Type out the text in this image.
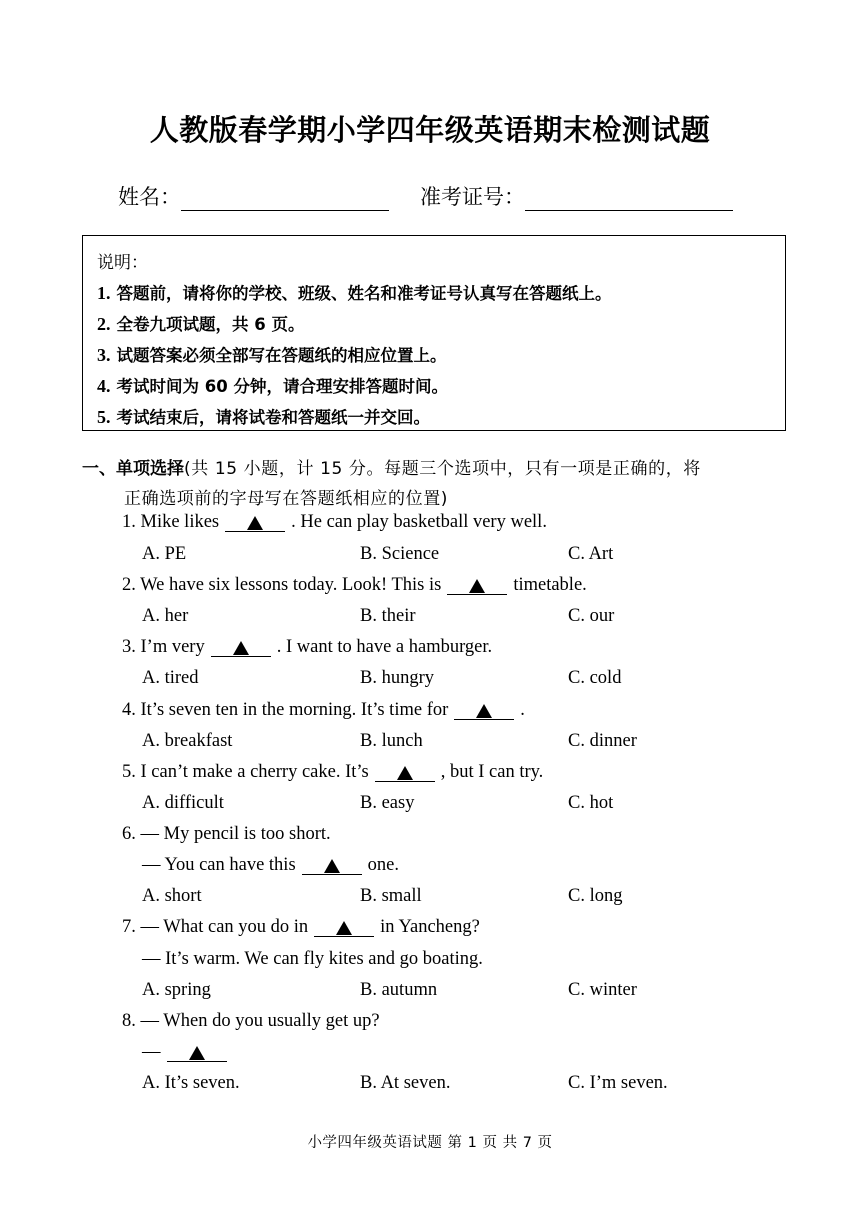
人教版春学期小学四年级英语期末检测试题
姓名：	准考证号：
说明：
1. 答题前，请将你的学校、班级、姓名和准考证号认真写在答题纸上。
2. 全卷九项试题，共 6 页。
3. 试题答案必须全部写在答题纸的相应位置上。
4. 考试时间为 60 分钟，请合理安排答题时间。
5. 考试结束后，请将试卷和答题纸一并交回。
一、单项选择(共 15 小题，计 15 分。每题三个选项中，只有一项是正确的，将
正确选项前的字母写在答题纸相应的位置)
1. Mike likes	. He can play basketball very well.
A. PE	B. Science	C. Art
2. We have six lessons today. Look! This is	timetable.
A. her	B. their	C. our
3. I’m very	. I want to have a hamburger.
A. tired	B. hungry	C. cold
4. It’s seven ten in the morning. It’s time for	.
A. breakfast	B. lunch	C. dinner
5. I can’t make a cherry cake. It’s	, but I can try.
A. difficult	B. easy	C. hot
6. — My pencil is too short.
— You can have this	one.
A. short	B. small	C. long
7. — What can you do in	in Yancheng?
— It’s warm. We can fly kites and go boating.
A. spring	B. autumn	C. winter
8. — When do you usually get up?
—
A. It’s seven.	B. At seven.	C. I’m seven.
小学四年级英语试题 第 1 页 共 7 页
